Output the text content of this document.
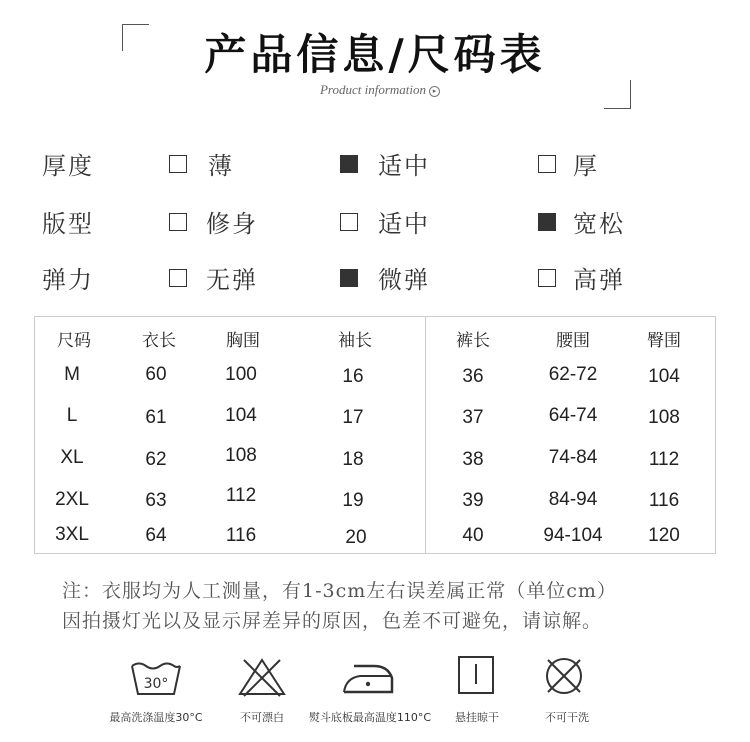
产品信息/尺码表
Product information ▸
厚度	薄	适中	厚
版型	修身	适中	宽松
弹力	无弹	微弹	高弹
尺码	衣长	胸围	袖长	裤长	腰围	臀围
M	60	100	16	36	62-72	104
L	61	104	17	37	64-74	108
XL	62	108	18	38	74-84	112
2XL	63	112	19	39	84-94	116
3XL	64	116	20	40	94-104 120
注：衣服均为人工测量，有1-3cm左右误差属正常（单位cm）
因拍摄灯光以及显示屏差异的原因，色差不可避免，请谅解。
30°
最高洗涤温度30°C	不可漂白 熨斗底板最高温度110°C 悬挂晾干	不可干洗
